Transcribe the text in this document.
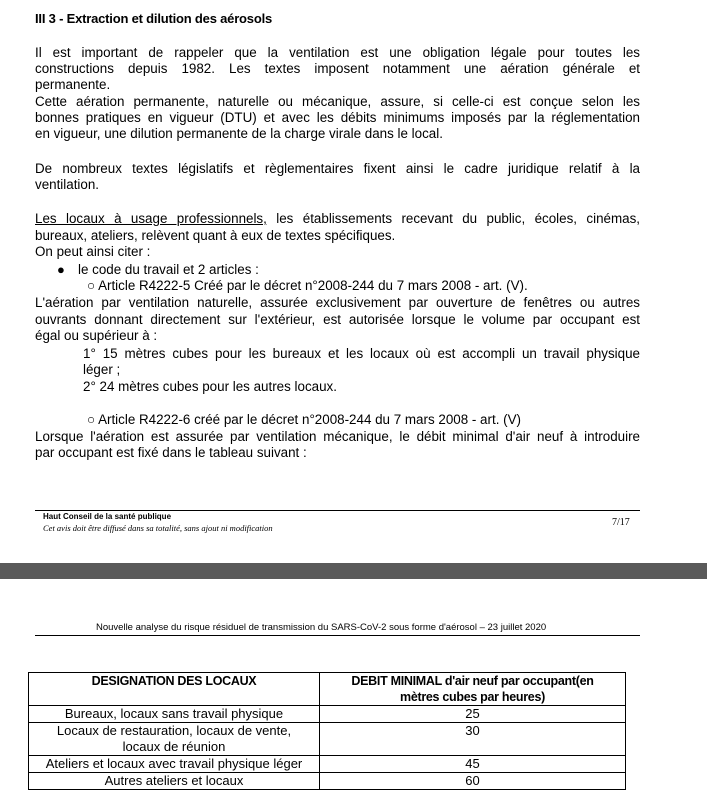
III 3 - Extraction et dilution des aérosols
Il est important de rappeler que la ventilation est une obligation légale pour toutes les
constructions depuis 1982. Les textes imposent notamment une aération générale et
permanente.
Cette aération permanente, naturelle ou mécanique, assure, si celle-ci est conçue selon les
bonnes pratiques en vigueur (DTU) et avec les débits minimums imposés par la réglementation
en vigueur, une dilution permanente de la charge virale dans le local.
De nombreux textes législatifs et règlementaires fixent ainsi le cadre juridique relatif à la
ventilation.
Les locaux à usage professionnels, les établissements recevant du public, écoles, cinémas,
bureaux, ateliers, relèvent quant à eux de textes spécifiques.
On peut ainsi citer :
● le code du travail et 2 articles :
○ Article R4222-5 Créé par le décret n°2008-244 du 7 mars 2008 - art. (V).
L'aération par ventilation naturelle, assurée exclusivement par ouverture de fenêtres ou autres
ouvrants donnant directement sur l'extérieur, est autorisée lorsque le volume par occupant est
égal ou supérieur à :
1° 15 mètres cubes pour les bureaux et les locaux où est accompli un travail physique
léger ;
2° 24 mètres cubes pour les autres locaux.
○ Article R4222-6 créé par le décret n°2008-244 du 7 mars 2008 - art. (V)
Lorsque l'aération est assurée par ventilation mécanique, le débit minimal d'air neuf à introduire
par occupant est fixé dans le tableau suivant :
Haut Conseil de la santé publique
Cet avis doit être diffusé dans sa totalité, sans ajout ni modification	7/17
Nouvelle analyse du risque résiduel de transmission du SARS-CoV-2 sous forme d'aérosol – 23 juillet 2020
DESIGNATION DES LOCAUX	DEBIT MINIMAL d'air neuf par occupant(en
mètres cubes par heures)

Bureaux, locaux sans travail physique	25

Locaux de restauration, locaux de vente,
locaux de réunion	30
Ateliers et locaux avec travail physique léger	45
Autres ateliers et locaux	60
